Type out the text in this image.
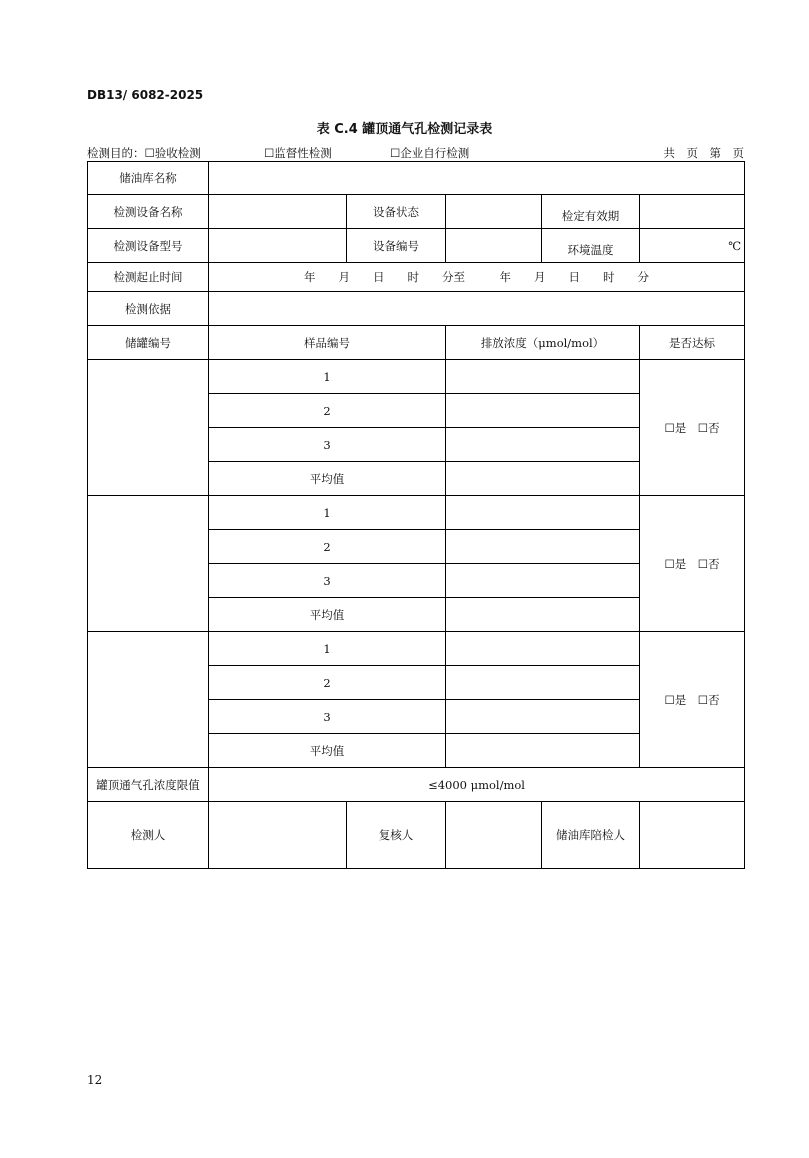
DB13/ 6082-2025
表 C.4 罐顶通气孔检测记录表
检测目的：☐验收检测	☐监督性检测	☐企业自行检测	共　页　第　页
储油库名称					
检测设备名称		设备状态		检定有效期	
检测设备型号		设备编号		环境温度	℃

检测起止时间	年　　月　　日　　时　　分至　　　年　　月　　日　　时　　分				
检测依据					
储罐编号	样品编号		排放浓度（μmol/mol）		是否达标
	1				☐是　☐否
	2				
	3				
	平均值				
	1				☐是　☐否
	2				
	3				
	平均值				
	1				☐是　☐否
	2				
	3				
	平均值				
罐顶通气孔浓度限值	≤4000 μmol/mol				
检测人		复核人		储油库陪检人	
12
